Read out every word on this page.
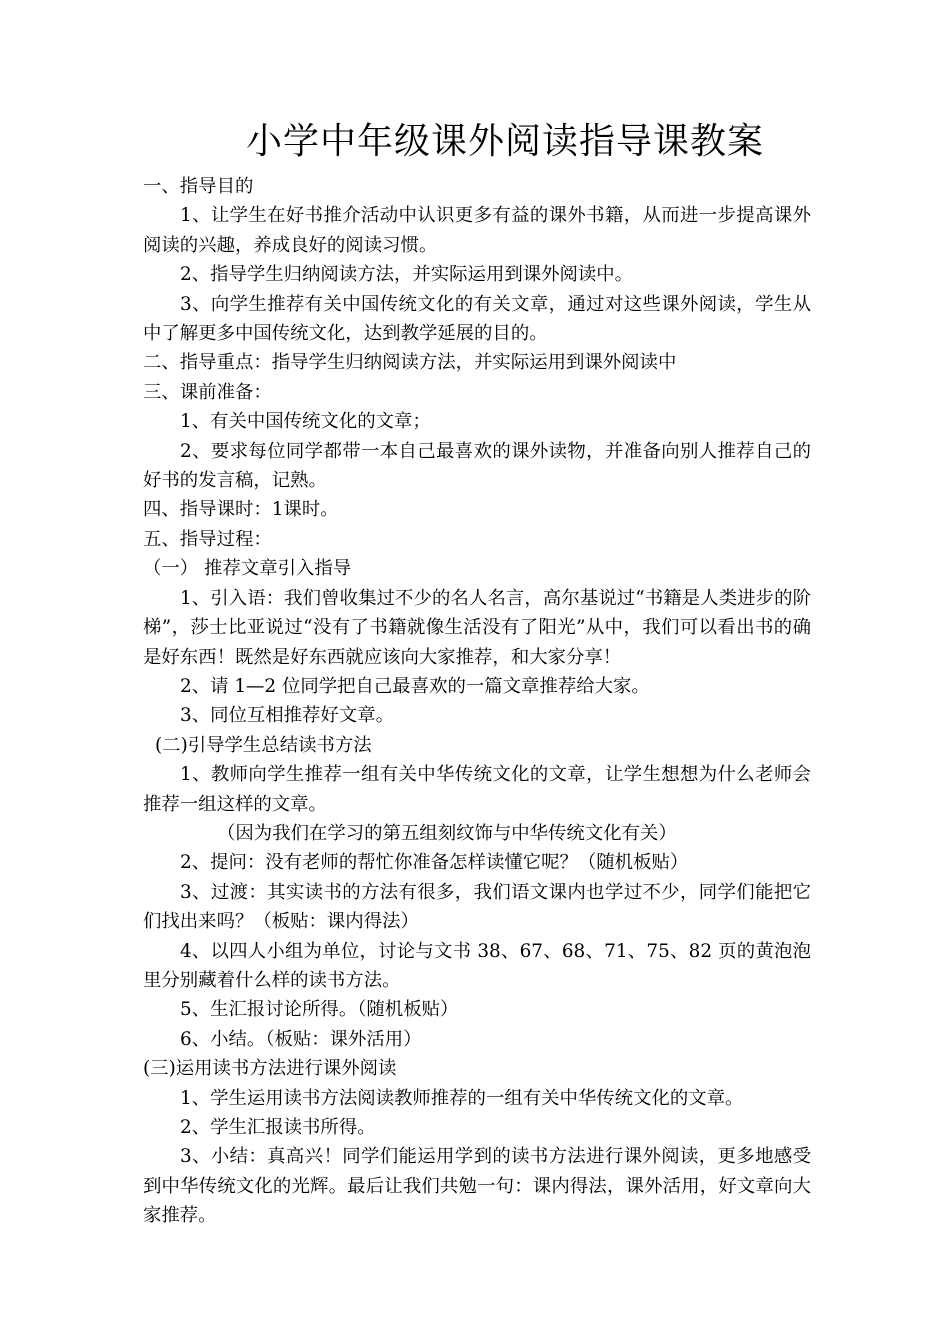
小学中年级课外阅读指导课教案

一、指导目的

1、让学生在好书推介活动中认识更多有益的课外书籍，从而进一步提高课外阅读的兴趣，养成良好的阅读习惯。

2、指导学生归纳阅读方法，并实际运用到课外阅读中。

3、向学生推荐有关中国传统文化的有关文章，通过对这些课外阅读，学生从中了解更多中国传统文化，达到教学延展的目的。

二、指导重点：指导学生归纳阅读方法，并实际运用到课外阅读中

三、课前准备：

1、有关中国传统文化的文章；

2、要求每位同学都带一本自己最喜欢的课外读物，并准备向别人推荐自己的好书的发言稿，记熟。

四、指导课时：1课时。

五、指导过程：

（一） 推荐文章引入指导

1、引入语：我们曾收集过不少的名人名言，高尔基说过“书籍是人类进步的阶梯”，莎士比亚说过“没有了书籍就像生活没有了阳光”从中，我们可以看出书的确是好东西！既然是好东西就应该向大家推荐，和大家分享！

2、请 1—2 位同学把自己最喜欢的一篇文章推荐给大家。

3、同位互相推荐好文章。

(二)引导学生总结读书方法

1、教师向学生推荐一组有关中华传统文化的文章，让学生想想为什么老师会推荐一组这样的文章。

（因为我们在学习的第五组刻纹饰与中华传统文化有关）

2、提问：没有老师的帮忙你准备怎样读懂它呢？（随机板贴）

3、过渡：其实读书的方法有很多，我们语文课内也学过不少，同学们能把它们找出来吗？（板贴：课内得法）

4、以四人小组为单位，讨论与文书 38、67、68、71、75、82 页的黄泡泡里分别藏着什么样的读书方法。

5、生汇报讨论所得。（随机板贴）

6、小结。（板贴：课外活用）

(三)运用读书方法进行课外阅读

1、学生运用读书方法阅读教师推荐的一组有关中华传统文化的文章。

2、学生汇报读书所得。

3、小结：真高兴！同学们能运用学到的读书方法进行课外阅读，更多地感受到中华传统文化的光辉。最后让我们共勉一句：课内得法，课外活用，好文章向大家推荐。
